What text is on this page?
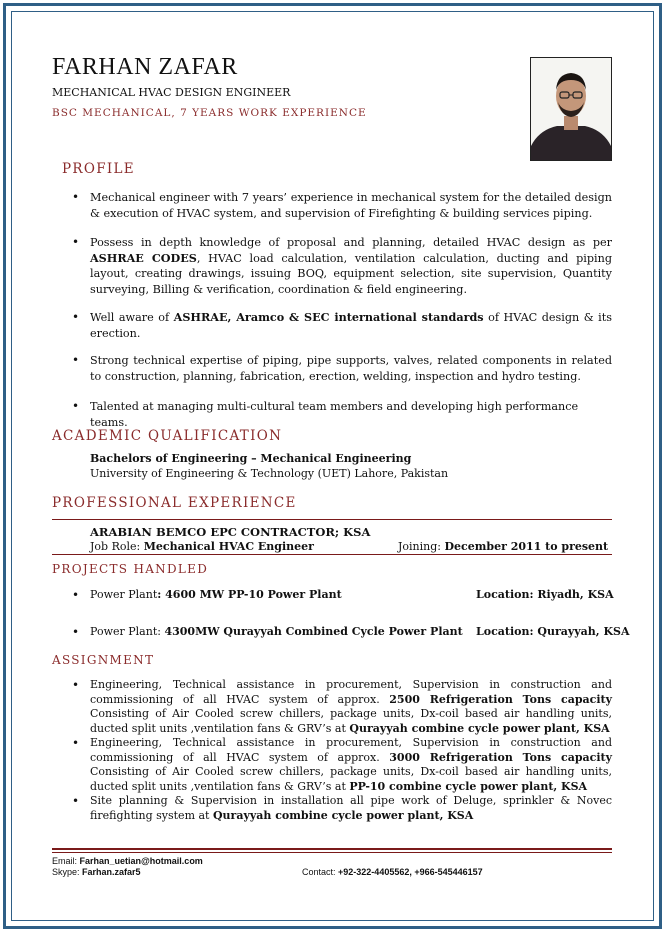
FARHAN ZAFAR
MECHANICAL HVAC DESIGN ENGINEER
BSC MECHANICAL, 7 YEARS WORK EXPERIENCE
PROFILE
• Mechanical engineer with 7 years’ experience in mechanical system for the detailed design & execution of HVAC system, and supervision of Firefighting & building services piping.
• Possess in depth knowledge of proposal and planning, detailed HVAC design as per ASHRAE CODES, HVAC load calculation, ventilation calculation, ducting and piping layout, creating drawings, issuing BOQ, equipment selection, site supervision, Quantity surveying, Billing & verification, coordination & field engineering.
• Well aware of ASHRAE, Aramco & SEC international standards of HVAC design & its erection.
• Strong technical expertise of piping, pipe supports, valves, related components in related to construction, planning, fabrication, erection, welding, inspection and hydro testing.
• Talented at managing multi-cultural team members and developing high performance teams.
ACADEMIC QUALIFICATION
Bachelors of Engineering – Mechanical Engineering
University of Engineering & Technology (UET) Lahore, Pakistan
PROFESSIONAL EXPERIENCE
ARABIAN BEMCO EPC CONTRACTOR; KSA
Job Role: Mechanical HVAC Engineer	Joining: December 2011 to present
PROJECTS HANDLED
• Power Plant: 4600 MW PP-10 Power Plant	Location: Riyadh, KSA
• Power Plant: 4300MW Qurayyah Combined Cycle Power Plant Location: Qurayyah, KSA
ASSIGNMENT
• Engineering, Technical assistance in procurement, Supervision in construction and commissioning of all HVAC system of approx. 2500 Refrigeration Tons capacity Consisting of Air Cooled screw chillers, package units, Dx-coil based air handling units, ducted split units ,ventilation fans & GRV’s at Qurayyah combine cycle power plant, KSA
• Engineering, Technical assistance in procurement, Supervision in construction and commissioning of all HVAC system of approx. 3000 Refrigeration Tons capacity Consisting of Air Cooled screw chillers, package units, Dx-coil based air handling units, ducted split units ,ventilation fans & GRV’s at PP-10 combine cycle power plant, KSA
• Site planning & Supervision in installation all pipe work of Deluge, sprinkler & Novec firefighting system at Qurayyah combine cycle power plant, KSA
Email: Farhan_uetian@hotmail.com
Skype: Farhan.zafar5	Contact: +92-322-4405562, +966-545446157
